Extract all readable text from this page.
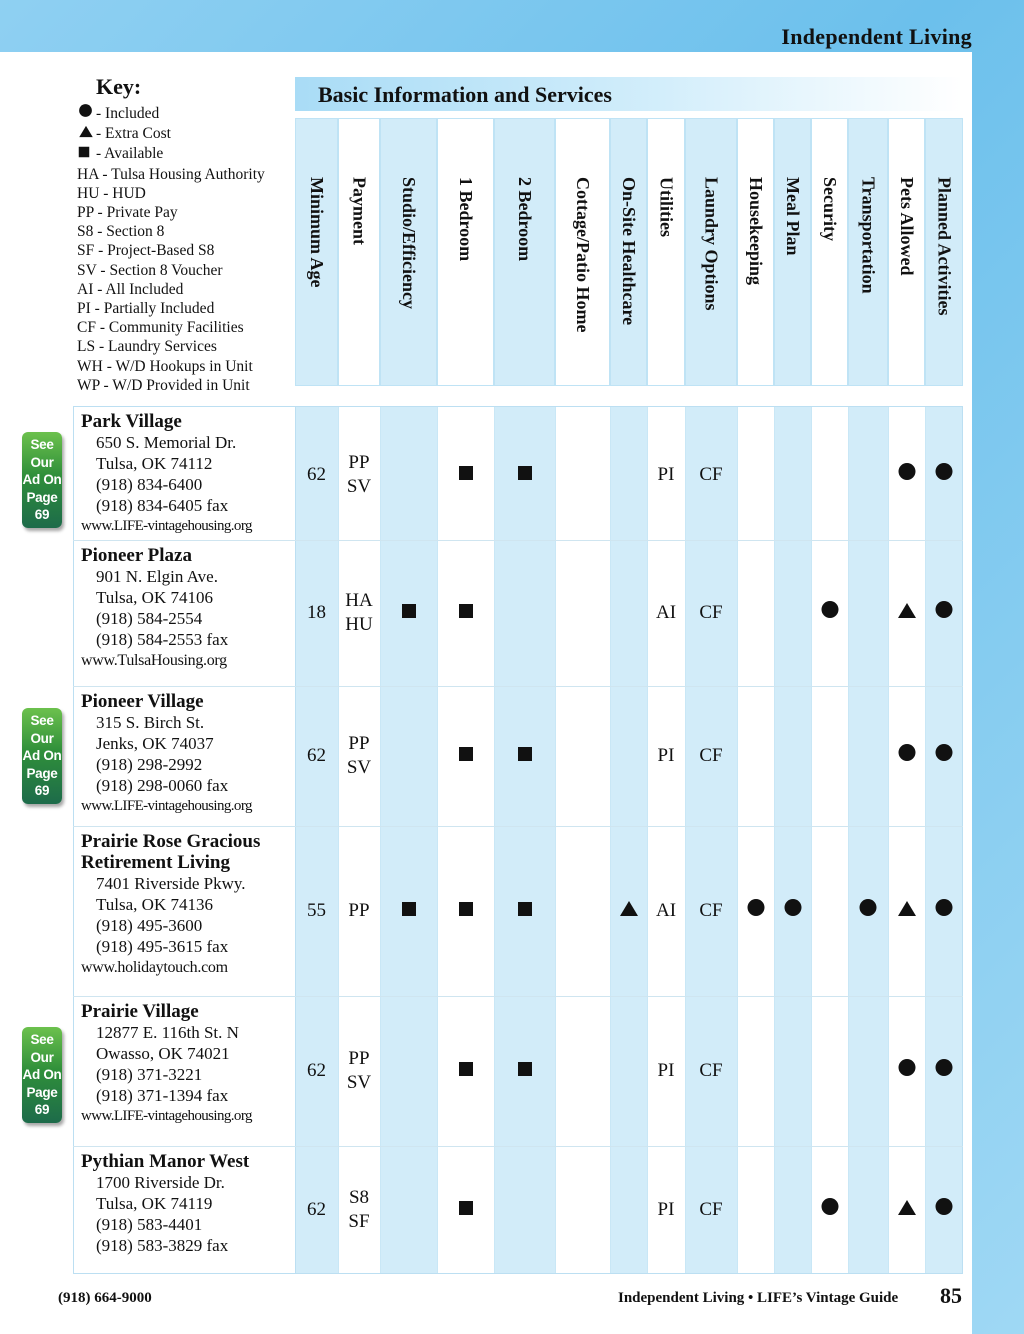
Independent Living
Key:
- Included
- Extra Cost
- Available
HA - Tulsa Housing Authority
HU - HUD
PP - Private Pay
S8 - Section 8
SF - Project-Based S8
SV - Section 8 Voucher
AI - All Included
PI - Partially Included
CF - Community Facilities
LS - Laundry Services
WH - W/D Hookups in Unit
WP - W/D Provided in Unit
Basic Information and Services
Minimum Age Payment Studio/Efficiency 1 Bedroom 2 Bedroom Cottage/Patio Home On-Site Healthcare Utilities Laundry Options Housekeeping Meal Plan Security Transportation Pets Allowed Planned Activities
Park Village
650 S. Memorial Dr.
Tulsa, OK 74112
(918) 834-6400
(918) 834-6405 fax
www.LIFE-vintagehousing.org
62
PP
SV
PI CF
See
Our
Ad On
Page
69
Pioneer Plaza
901 N. Elgin Ave.
Tulsa, OK 74106
(918) 584-2554
(918) 584-2553 fax
www.TulsaHousing.org
18
HA
HU
AI CF
Pioneer Village
315 S. Birch St.
Jenks, OK 74037
(918) 298-2992
(918) 298-0060 fax
www.LIFE-vintagehousing.org
62
PP
SV
PI CF
See
Our
Ad On
Page
69
Prairie Rose Gracious Retirement Living
7401 Riverside Pkwy.
Tulsa, OK 74136
(918) 495-3600
(918) 495-3615 fax
www.holidaytouch.com
55 PP	AI CF
Prairie Village
12877 E. 116th St. N
Owasso, OK 74021
(918) 371-3221
(918) 371-1394 fax
www.LIFE-vintagehousing.org
62
PP
SV
PI CF
See
Our
Ad On
Page
69
Pythian Manor West
1700 Riverside Dr.
Tulsa, OK 74119
(918) 583-4401
(918) 583-3829 fax
62
S8
SF
PI CF
(918) 664-9000	Independent Living • LIFE’s Vintage Guide 85
